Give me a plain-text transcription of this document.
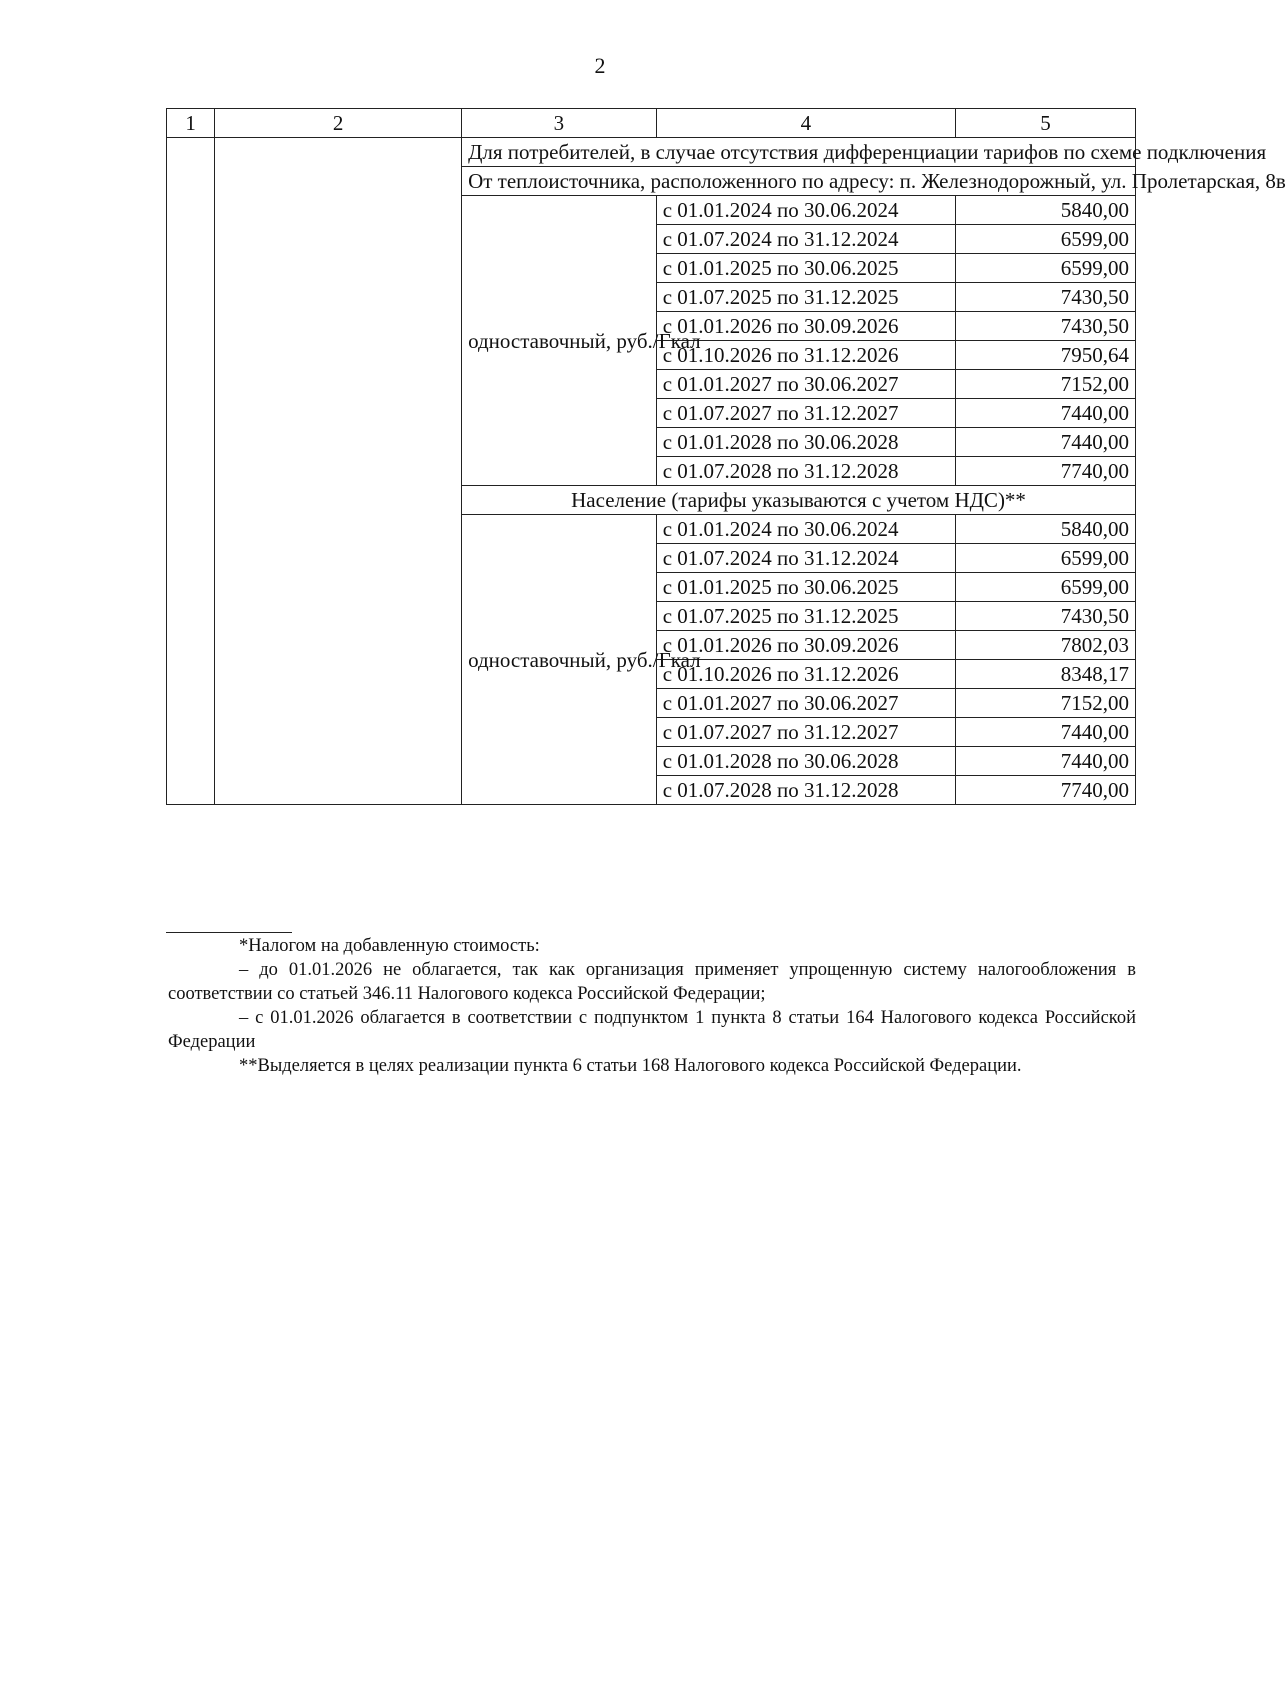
2
1	2	3	4	5
		Для потребителей, в случае отсутствия дифференциации тарифов по схеме подключения		
		От теплоисточника, расположенного по адресу: п. Железнодорожный, ул. Пролетарская, 8в		
		одноставочный, руб./Гкал	с 01.01.2024 по 30.06.2024	5840,00
			с 01.07.2024 по 31.12.2024	6599,00
			с 01.01.2025 по 30.06.2025	6599,00
			с 01.07.2025 по 31.12.2025	7430,50
			с 01.01.2026 по 30.09.2026	7430,50
			с 01.10.2026 по 31.12.2026	7950,64
			с 01.01.2027 по 30.06.2027	7152,00
			с 01.07.2027 по 31.12.2027	7440,00
			с 01.01.2028 по 30.06.2028	7440,00
			с 01.07.2028 по 31.12.2028	7740,00
		Население (тарифы указываются с учетом НДС)**		
		одноставочный, руб./Гкал	с 01.01.2024 по 30.06.2024	5840,00
			с 01.07.2024 по 31.12.2024	6599,00
			с 01.01.2025 по 30.06.2025	6599,00
			с 01.07.2025 по 31.12.2025	7430,50
			с 01.01.2026 по 30.09.2026	7802,03
			с 01.10.2026 по 31.12.2026	8348,17
			с 01.01.2027 по 30.06.2027	7152,00
			с 01.07.2027 по 31.12.2027	7440,00
			с 01.01.2028 по 30.06.2028	7440,00
			с 01.07.2028 по 31.12.2028	7740,00

*Налогом на добавленную стоимость:

– до 01.01.2026 не облагается, так как организация применяет упрощенную систему налогообложения в соответствии со статьей 346.11 Налогового кодекса Российской Федерации;

– с 01.01.2026 облагается в соответствии с подпунктом 1 пункта 8 статьи 164 Налогового кодекса Российской Федерации

**Выделяется в целях реализации пункта 6 статьи 168 Налогового кодекса Российской Федерации.
